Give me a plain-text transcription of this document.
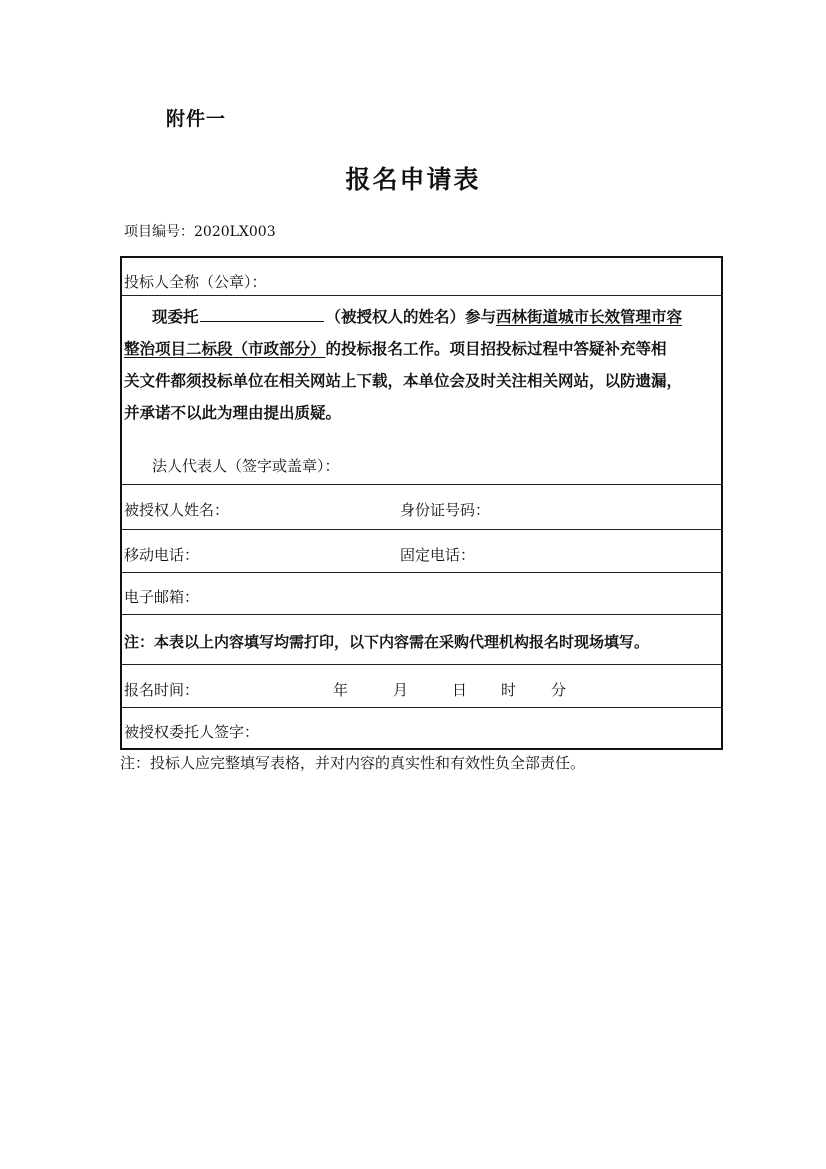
附件一
报名申请表
项目编号：2020LX003
投标人全称（公章）：
现委托	（被授权人的姓名）参与西林街道城市长效管理市容
整治项目二标段（市政部分）的投标报名工作。项目招投标过程中答疑补充等相
关文件都须投标单位在相关网站上下载，本单位会及时关注相关网站，以防遗漏，
并承诺不以此为理由提出质疑。
法人代表人（签字或盖章）：
被授权人姓名：	身份证号码：
移动电话：	固定电话：
电子邮箱：
注：本表以上内容填写均需打印，以下内容需在采购代理机构报名时现场填写。
报名时间：	年	月	日 时 分
被授权委托人签字：
注：投标人应完整填写表格，并对内容的真实性和有效性负全部责任。
